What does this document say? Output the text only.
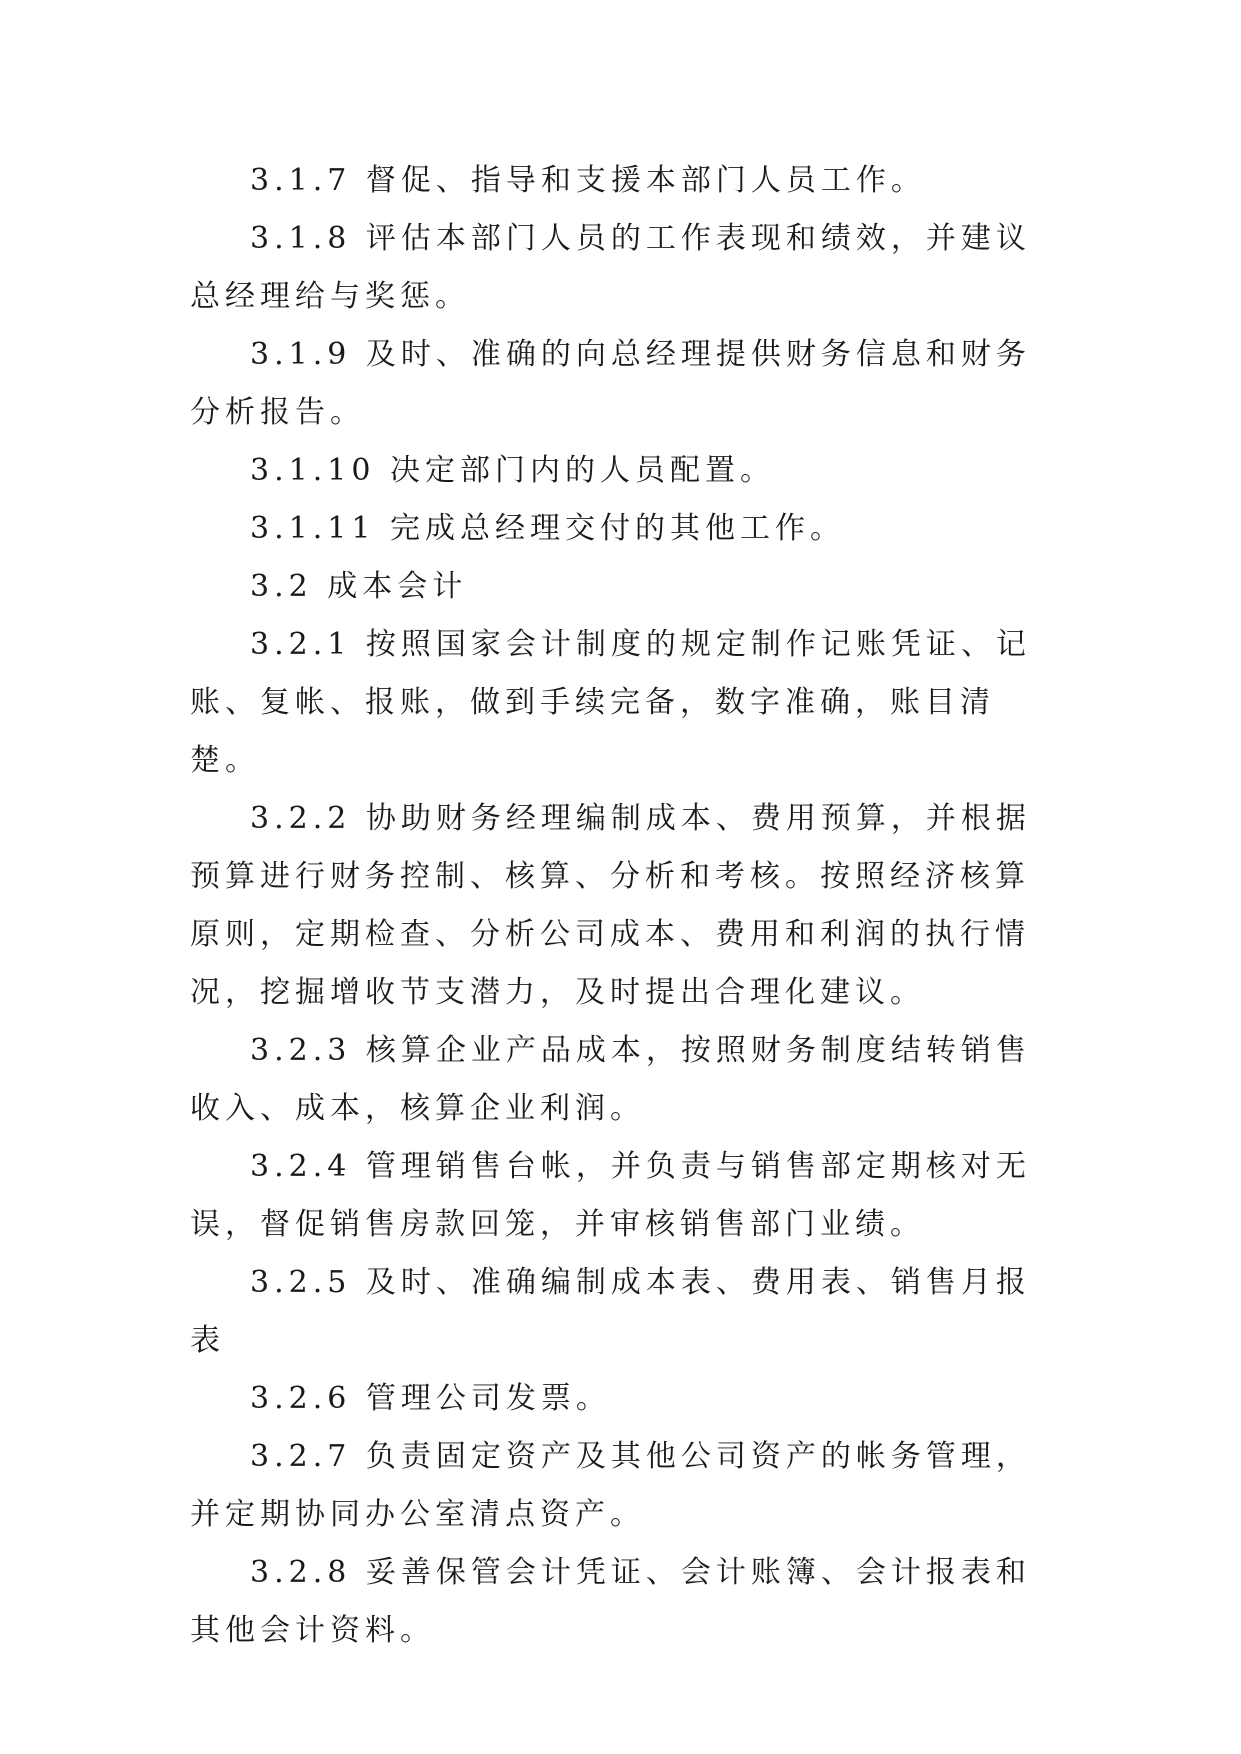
3.1.7 督促、指导和支援本部门人员工作。

3.1.8 评估本部门人员的工作表现和绩效，并建议总经理给与奖惩。

3.1.9 及时、准确的向总经理提供财务信息和财务分析报告。

3.1.10 决定部门内的人员配置。

3.1.11 完成总经理交付的其他工作。

3.2 成本会计

3.2.1 按照国家会计制度的规定制作记账凭证、记账、复帐、报账，做到手续完备，数字准确，账目清楚。

3.2.2 协助财务经理编制成本、费用预算，并根据预算进行财务控制、核算、分析和考核。按照经济核算原则，定期检查、分析公司成本、费用和利润的执行情况，挖掘增收节支潜力，及时提出合理化建议。

3.2.3 核算企业产品成本，按照财务制度结转销售收入、成本，核算企业利润。

3.2.4 管理销售台帐，并负责与销售部定期核对无误，督促销售房款回笼，并审核销售部门业绩。

3.2.5 及时、准确编制成本表、费用表、销售月报表

3.2.6 管理公司发票。

3.2.7 负责固定资产及其他公司资产的帐务管理，并定期协同办公室清点资产。

3.2.8 妥善保管会计凭证、会计账簿、会计报表和其他会计资料。
